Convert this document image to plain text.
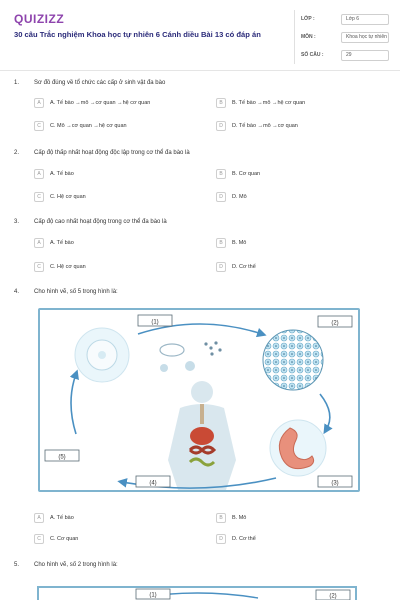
QUIZIZZ
30 câu Trắc nghiệm Khoa học tự nhiên 6 Cánh diều Bài 13 có đáp án
LỚP :	Lớp 6
MÔN :	Khoa học tự nhiên
SỐ CÂU :	29
1. Sơ đồ đúng về tổ chức các cấp ở sinh vật đa bào
A	A. Tế bào →mô →cơ quan →hệ cơ quan	B	B. Tế bào →mô →hệ cơ quan
C	C. Mô →cơ quan →hệ cơ quan	D	D. Tế bào →mô →cơ quan
2. Cấp độ thấp nhất hoạt động độc lập trong cơ thể đa bào là
A	A. Tế bào	B	B. Cơ quan
C	C. Hệ cơ quan	D	D. Mô
3. Cấp độ cao nhất hoạt động trong cơ thể đa bào là
A	A. Tế bào	B	B. Mô
C	C. Hệ cơ quan	D	D. Cơ thể
4. Cho hình vẽ, số 5 trong hình là:
(1)	(2)
(3)
(4)
(5)
A	A. Tế bào	B	B. Mô
C	C. Cơ quan	D	D. Cơ thể
5. Cho hình vẽ, số 2 trong hình là:
(1)	(2)
